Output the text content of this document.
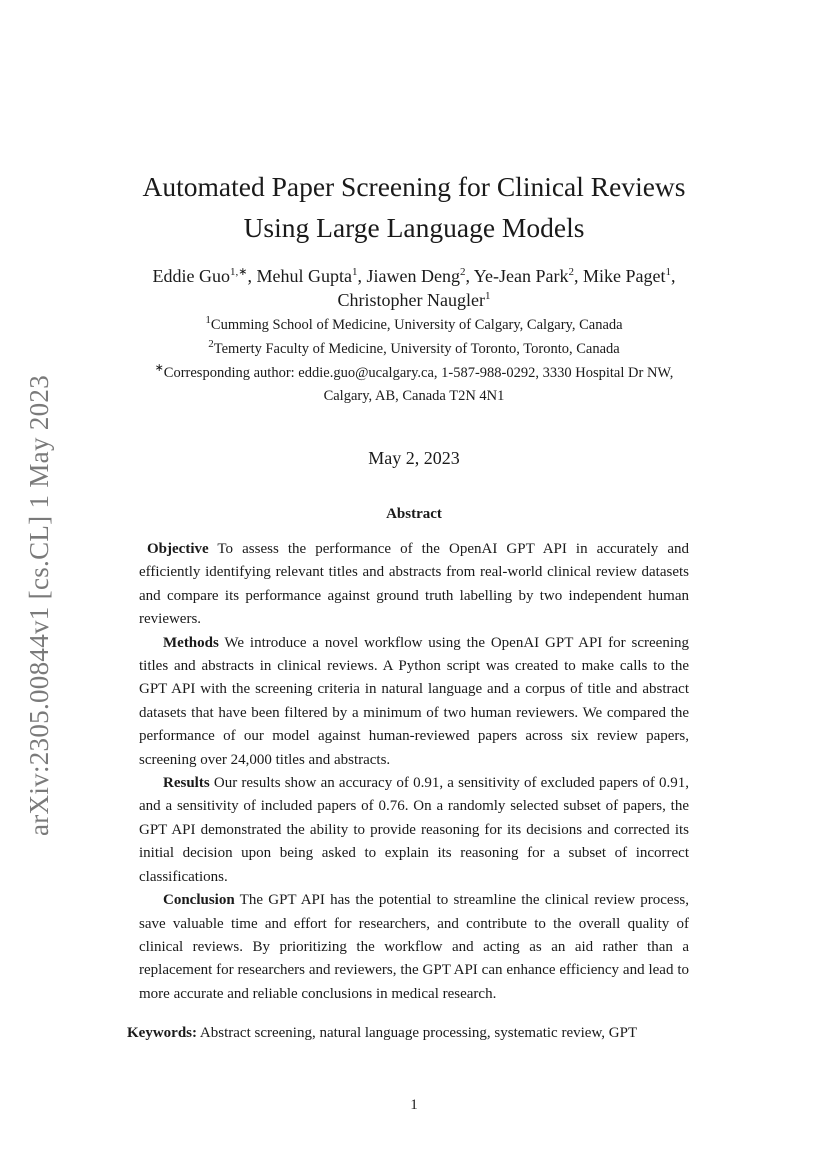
arXiv:2305.00844v1 [cs.CL] 1 May 2023
Automated Paper Screening for Clinical Reviews
Using Large Language Models
Eddie Guo$^{1,∗}$, Mehul Gupta$^1$, Jiawen Deng$^2$, Ye-Jean Park$^2$, Mike Paget$^1$,
Christopher Naugler$^1$
$^1$Cumming School of Medicine, University of Calgary, Calgary, Canada
$^2$Temerty Faculty of Medicine, University of Toronto, Toronto, Canada
∗Corresponding author: eddie.guo@ucalgary.ca, 1-587-988-0292, 3330 Hospital Dr NW,
Calgary, AB, Canada T2N 4N1
May 2, 2023
Abstract

Objective To assess the performance of the OpenAI GPT API in accurately and efficiently identifying relevant titles and abstracts from real-world clinical review datasets and compare its performance against ground truth labelling by two independent human reviewers.

Methods We introduce a novel workflow using the OpenAI GPT API for screening titles and abstracts in clinical reviews. A Python script was created to make calls to the GPT API with the screening criteria in natural language and a corpus of title and abstract datasets that have been filtered by a minimum of two human reviewers. We compared the performance of our model against human-reviewed papers across six review papers, screening over 24,000 titles and abstracts.

Results Our results show an accuracy of 0.91, a sensitivity of excluded papers of 0.91, and a sensitivity of included papers of 0.76. On a randomly selected subset of papers, the GPT API demonstrated the ability to provide reasoning for its decisions and corrected its initial decision upon being asked to explain its reasoning for a subset of incorrect classifications.

Conclusion The GPT API has the potential to streamline the clinical review process, save valuable time and effort for researchers, and contribute to the overall quality of clinical reviews. By prioritizing the workflow and acting as an aid rather than a replacement for researchers and reviewers, the GPT API can enhance efficiency and lead to more accurate and reliable conclusions in medical research.

Keywords: Abstract screening, natural language processing, systematic review, GPT
1
